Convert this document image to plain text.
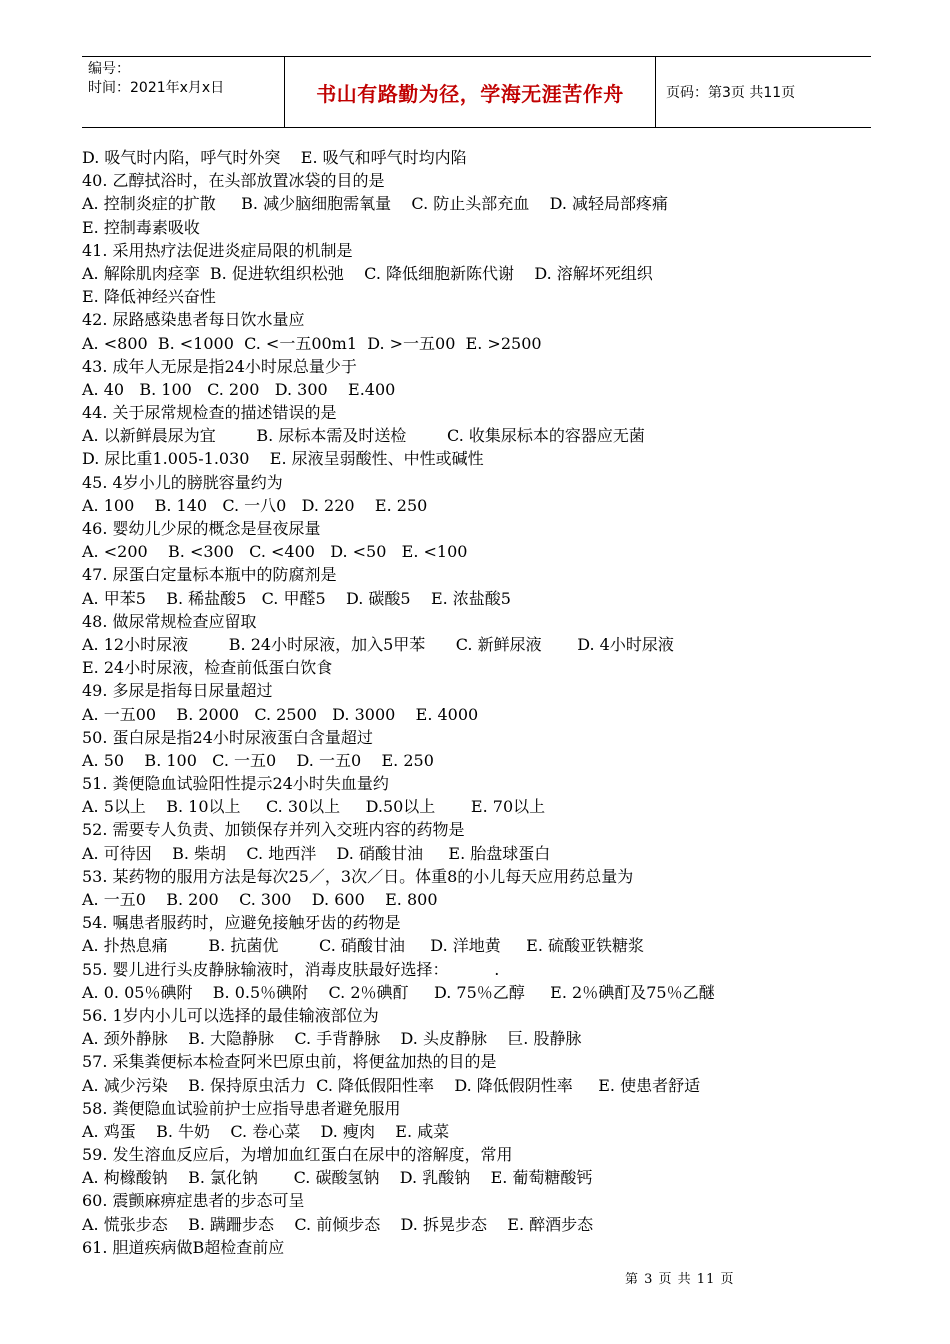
编号：
时间：2021年x月x日	书山有路勤为径，学海无涯苦作舟	页码：第3页 共11页
D. 吸气时内陷，呼气时外突    E. 吸气和呼气时均内陷
40. 乙醇拭浴时，在头部放置冰袋的目的是
A. 控制炎症的扩散     B. 减少脑细胞需氧量    C. 防止头部充血    D. 减轻局部疼痛
E. 控制毒素吸收
41. 采用热疗法促进炎症局限的机制是
A. 解除肌肉痉挛  B. 促进软组织松弛    C. 降低细胞新陈代谢    D. 溶解坏死组织
E. 降低神经兴奋性
42. 尿路感染患者每日饮水量应
A. <800  B. <1000  C. <一五00m1  D. >一五00  E. >2500
43. 成年人无尿是指24小时尿总量少于
A. 40   B. 100   C. 200   D. 300    E.400
44. 关于尿常规检查的描述错误的是
A. 以新鲜晨尿为宜        B. 尿标本需及时送检        C. 收集尿标本的容器应无菌
D. 尿比重1.005-1.030    E. 尿液呈弱酸性、中性或碱性
45. 4岁小儿的膀胱容量约为
A. 100    B. 140   C. 一八0   D. 220    E. 250
46. 婴幼儿少尿的概念是昼夜尿量
A. <200    B. <300   C. <400   D. <50   E. <100
47. 尿蛋白定量标本瓶中的防腐剂是
A. 甲苯5    B. 稀盐酸5   C. 甲醛5    D. 碳酸5    E. 浓盐酸5
48. 做尿常规检查应留取
A. 12小时尿液        B. 24小时尿液，加入5甲苯      C. 新鲜尿液       D. 4小时尿液
E. 24小时尿液，检查前低蛋白饮食
49. 多尿是指每日尿量超过
A. 一五00    B. 2000   C. 2500   D. 3000    E. 4000
50. 蛋白尿是指24小时尿液蛋白含量超过
A. 50    B. 100   C. 一五0    D. 一五0    E. 250
51. 粪便隐血试验阳性提示24小时失血量约
A. 5以上    B. 10以上     C. 30以上     D.50以上       E. 70以上
52. 需要专人负责、加锁保存并列入交班内容的药物是
A. 可待因    B. 柴胡    C. 地西泮    D. 硝酸甘油     E. 胎盘球蛋白
53. 某药物的服用方法是每次25／，3次／日。体重8的小儿每天应用药总量为
A. 一五0    B. 200    C. 300    D. 600    E. 800
54. 嘱患者服药时，应避免接触牙齿的药物是
A. 扑热息痛        B. 抗菌优        C. 硝酸甘油     D. 洋地黄     E. 硫酸亚铁糖浆
55. 婴儿进行头皮静脉输液时，消毒皮肤最好选择：         .
A. 0. 05％碘附    B. 0.5％碘附    C. 2％碘酊     D. 75％乙醇     E. 2％碘酊及75％乙醚
56. 1岁内小儿可以选择的最佳输液部位为
A. 颈外静脉    B. 大隐静脉    C. 手背静脉    D. 头皮静脉    巨. 股静脉
57. 采集粪便标本检查阿米巴原虫前，将便盆加热的目的是
A. 减少污染    B. 保持原虫活力  C. 降低假阳性率    D. 降低假阴性率     E. 使患者舒适
58. 粪便隐血试验前护士应指导患者避免服用
A. 鸡蛋    B. 牛奶    C. 卷心菜    D. 瘦肉    E. 咸菜
59. 发生溶血反应后，为增加血红蛋白在尿中的溶解度，常用
A. 枸橼酸钠    B. 氯化钠       C. 碳酸氢钠    D. 乳酸钠    E. 葡萄糖酸钙
60. 震颤麻痹症患者的步态可呈
A. 慌张步态    B. 蹒跚步态    C. 前倾步态    D. 拆晃步态    E. 醉酒步态
61. 胆道疾病做B超检查前应
第 3 页 共 11 页
